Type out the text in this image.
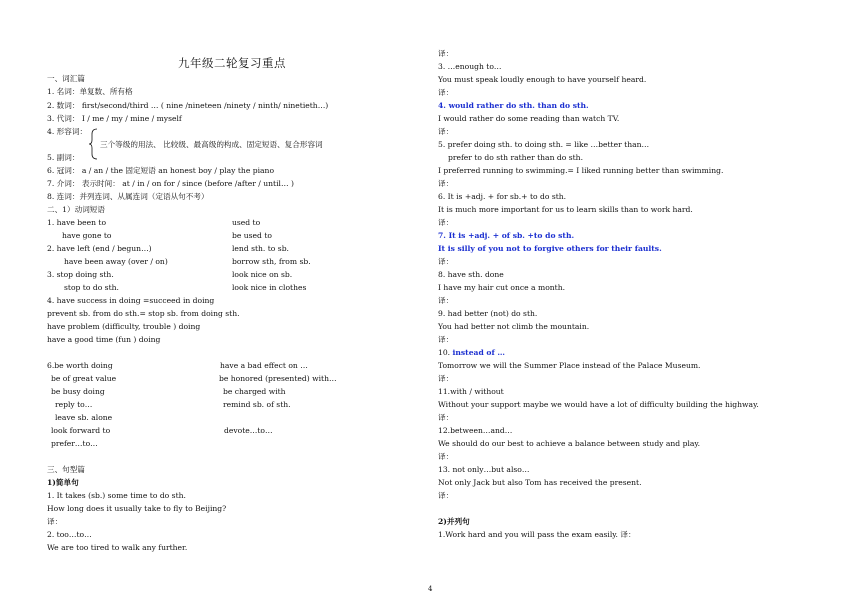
九年级二轮复习重点
一、词汇篇
1. 名词：单复数、所有格
2. 数词： first/second/third … ( nine /nineteen /ninety / ninth/ ninetieth…)
3. 代词： I / me / my / mine / myself
4. 形容词：
三个等级的用法、 比较级、最高级的构成、固定短语、复合形容词
5. 副词：
6. 冠词： a / an / the 固定短语 an honest boy / play the piano
7. 介词： 表示时间： at / in / on for / since (before /after / until… )
8. 连词：并列连词、从属连词（定语从句不考）
二、1）动词短语
1. have been to	used to
have gone to	be used to
2. have left (end / begun…)	lend sth. to sb.
have been away (over / on)	borrow sth, from sb.
3. stop doing sth.	look nice on sb.
stop to do sth.	look nice in clothes
4. have success in doing =succeed in doing
prevent sb. from do sth.= stop sb. from doing sth.
have problem (difficulty, trouble ) doing
have a good time (fun ) doing
6.be worth doing	have a bad effect on …
be of great value	be honored (presented) with…
be busy doing	be charged with
reply to…	remind sb. of sth.
leave sb. alone
look forward to	devote…to…
prefer…to…
三、句型篇
1)简单句
1. It takes (sb.) some time to do sth.
How long does it usually take to fly to Beijing?
译：
2. too…to…
We are too tired to walk any further.
译：
3. …enough to…
You must speak loudly enough to have yourself heard.
译：
4. would rather do sth. than do sth.
I would rather do some reading than watch TV.
译：
5. prefer doing sth. to doing sth. = like …better than…
prefer to do sth rather than do sth.
I preferred running to swimming.= I liked running better than swimming.
译：
6. It is +adj. + for sb.+ to do sth.
It is much more important for us to learn skills than to work hard.
译：
7. It is +adj. + of sb. +to do sth.
It is silly of you not to forgive others for their faults.
译：
8. have sth. done
I have my hair cut once a month.
译：
9. had better (not) do sth.
You had better not climb the mountain.
译：
10. instead of …
Tomorrow we will the Summer Place instead of the Palace Museum.
译：
11.with / without
Without your support maybe we would have a lot of difficulty building the highway.
译：
12.between…and…
We should do our best to achieve a balance between study and play.
译：
13. not only…but also…
Not only Jack but also Tom has received the present.
译：
2)并列句
1.Work hard and you will pass the exam easily. 译：
4
